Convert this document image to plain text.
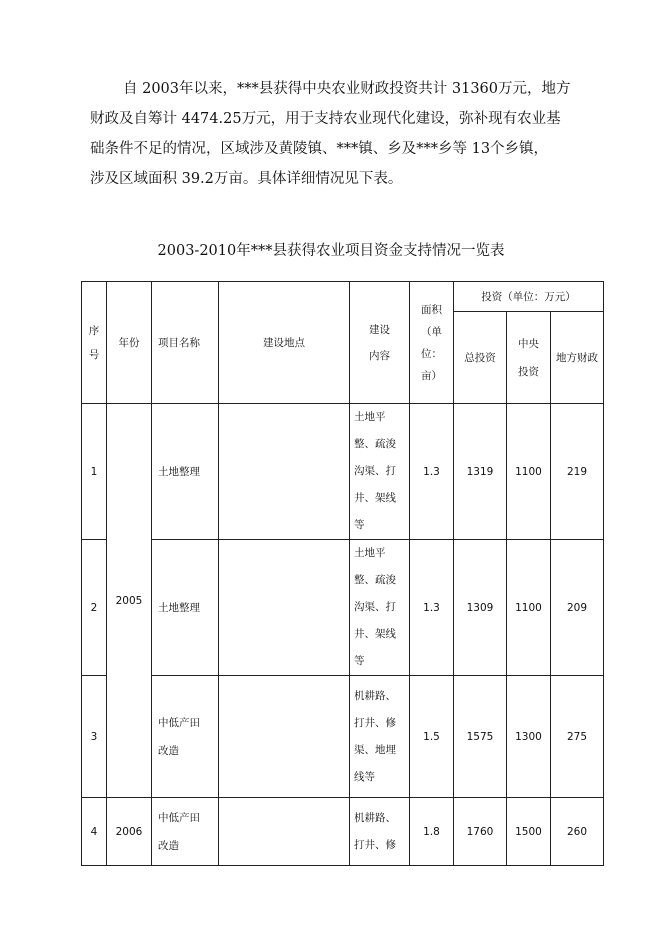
自 2003年以来，***县获得中央农业财政投资共计 31360万元，地方
财政及自筹计 4474.25万元，用于支持农业现代化建设，弥补现有农业基
础条件不足的情况，区域涉及黄陵镇、***镇、乡及***乡等 13个乡镇，
涉及区域面积 39.2万亩。具体详细情况见下表。
2003-2010年***县获得农业项目资金支持情况一览表
序号	年份	项目名称	建设地点	建设内容	面积（单位：亩）	投资（单位：万元）		
						总投资	中央投资	地方财政
1	2005	土地整理		土地平整、疏浚沟渠、打井、架线等	1.3	1319	1100	219
2		土地整理		土地平整、疏浚沟渠、打井、架线等	1.3	1309	1100	209
3		中低产田改造		机耕路、打井、修渠、地埋线等	1.5	1575	1300	275
4	2006	中低产田改造		机耕路、打井、修	1.8	1760	1500	260
